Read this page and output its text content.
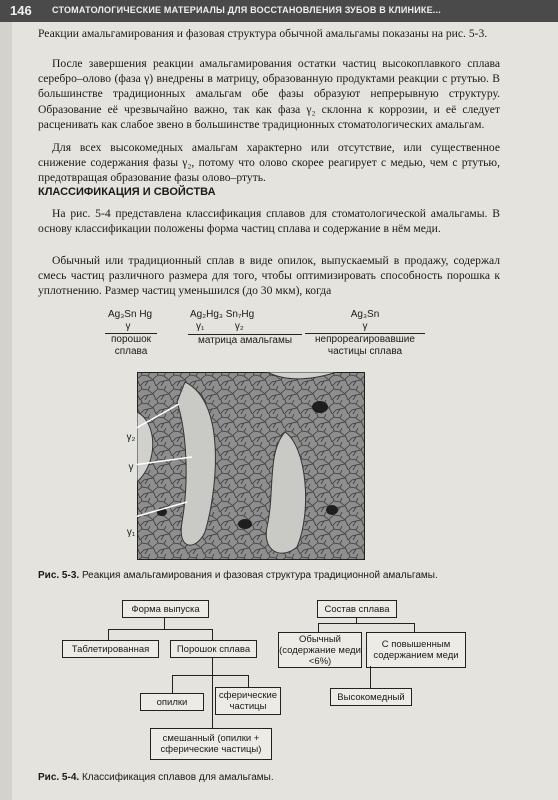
146 СТОМАТОЛОГИЧЕСКИЕ МАТЕРИАЛЫ ДЛЯ ВОССТАНОВЛЕНИЯ ЗУБОВ В КЛИНИКЕ...
Реакции амальгамирования и фазовая структура обычной амальгамы показаны на рис. 5-3.
После завершения реакции амальгамирования остатки частиц высокоплавкого сплава серебро–олово (фаза γ) внедрены в матрицу, образованную продуктами реакции с ртутью. В большинстве традиционных амальгам обе фазы образуют непрерывную структуру. Образование её чрезвычайно важно, так как фаза γ₂ склонна к коррозии, и её следует расценивать как слабое звено в большинстве традиционных стоматологических амальгам.
Для всех высокомедных амальгам характерно или отсутствие, или существенное снижение содержания фазы γ₂, потому что олово скорее реагирует с медью, чем с ртутью, предотвращая образование фазы олово–ртуть.
КЛАССИФИКАЦИЯ И СВОЙСТВА
На рис. 5-4 представлена классификация сплавов для стоматологической амальгамы. В основу классификации положены форма частиц сплава и содержание в нём меди.
Обычный или традиционный сплав в виде опилок, выпускаемый в продажу, содержал смесь частиц различного размера для того, чтобы оптимизировать способность порошка к уплотнению. Размер частиц уменьшился (до 30 мкм), когда
Ag₃Sn Hg
γ
порошок сплава
Ag₂Hg₃ Sn₇Hg
γ₁           γ₂
матрица амальгамы
Ag₃Sn
γ
непрореагировавшие частицы сплава
γ₂
γ
γ₁
Рис. 5-3. Реакция амальгамирования и фазовая структура традиционной амальгамы.
Форма выпуска
Таблетированная	Порошок сплава
опилки
сферические частицы
смешанный (опилки + сферические частицы)
Состав сплава
Обычный (содержание меди <6%)
С повышенным содержанием меди
Высокомедный
Рис. 5-4. Классификация сплавов для амальгамы.
